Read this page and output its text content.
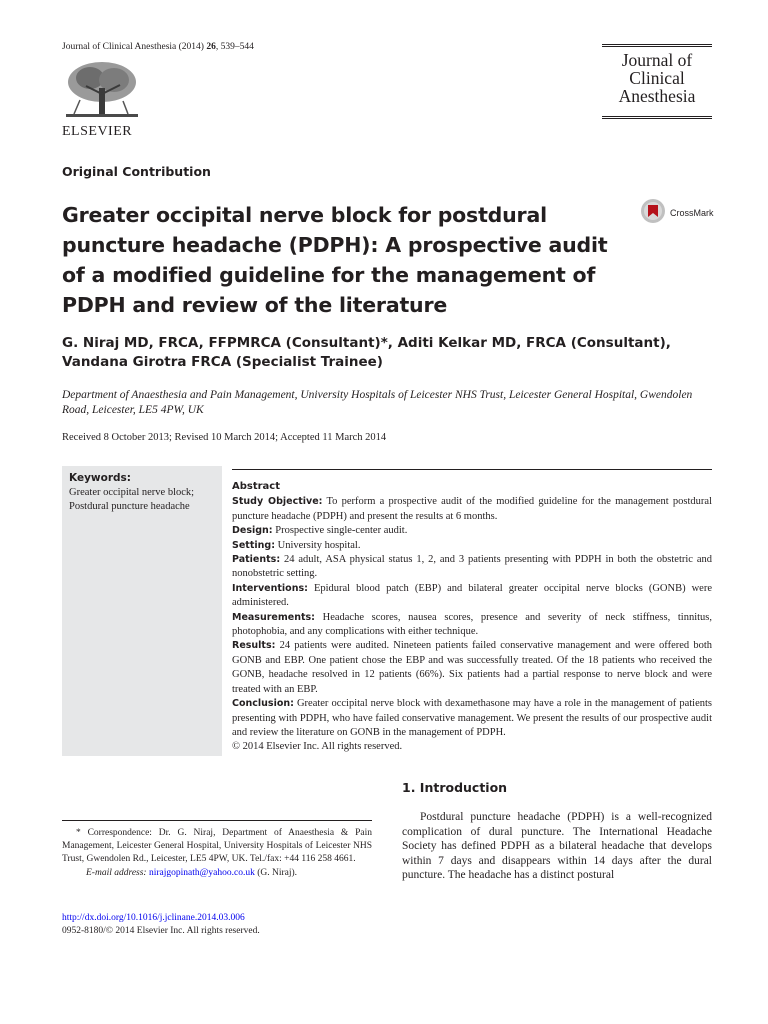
Journal of Clinical Anesthesia (2014) 26, 539–544
ELSEVIER
Journal of
Clinical
Anesthesia
Original Contribution
Greater occipital nerve block for postdural puncture headache (PDPH): A prospective audit of a modified guideline for the management of PDPH and review of the literature
CrossMark
G. Niraj MD, FRCA, FFPMRCA (Consultant)*, Aditi Kelkar MD, FRCA (Consultant), Vandana Girotra FRCA (Specialist Trainee)
Department of Anaesthesia and Pain Management, University Hospitals of Leicester NHS Trust, Leicester General Hospital, Gwendolen Road, Leicester, LE5 4PW, UK
Received 8 October 2013; Revised 10 March 2014; Accepted 11 March 2014
Keywords:
Greater occipital nerve block;
Postdural puncture headache
Abstract
Study Objective: To perform a prospective audit of the modified guideline for the management postdural puncture headache (PDPH) and present the results at 6 months.
Design: Prospective single-center audit.
Setting: University hospital.
Patients: 24 adult, ASA physical status 1, 2, and 3 patients presenting with PDPH in both the obstetric and nonobstetric setting.
Interventions: Epidural blood patch (EBP) and bilateral greater occipital nerve blocks (GONB) were administered.
Measurements: Headache scores, nausea scores, presence and severity of neck stiffness, tinnitus, photophobia, and any complications with either technique.
Results: 24 patients were audited. Nineteen patients failed conservative management and were offered both GONB and EBP. One patient chose the EBP and was successfully treated. Of the 18 patients who received the GONB, headache resolved in 12 patients (66%). Six patients had a partial response to nerve block and were treated with an EBP.
Conclusion: Greater occipital nerve block with dexamethasone may have a role in the management of patients presenting with PDPH, who have failed conservative management. We present the results of our prospective audit and review the literature on GONB in the management of PDPH.
© 2014 Elsevier Inc. All rights reserved.
1. Introduction
Postdural puncture headache (PDPH) is a well-recognized complication of dural puncture. The International Headache Society has defined PDPH as a bilateral headache that develops within 7 days and disappears within 14 days after the dural puncture. The headache has a distinct postural
* Correspondence: Dr. G. Niraj, Department of Anaesthesia & Pain Management, Leicester General Hospital, University Hospitals of Leicester NHS Trust, Gwendolen Rd., Leicester, LE5 4PW, UK. Tel./fax: +44 116 258 4661.
E-mail address: nirajgopinath@yahoo.co.uk (G. Niraj).
http://dx.doi.org/10.1016/j.jclinane.2014.03.006
0952-8180/© 2014 Elsevier Inc. All rights reserved.
